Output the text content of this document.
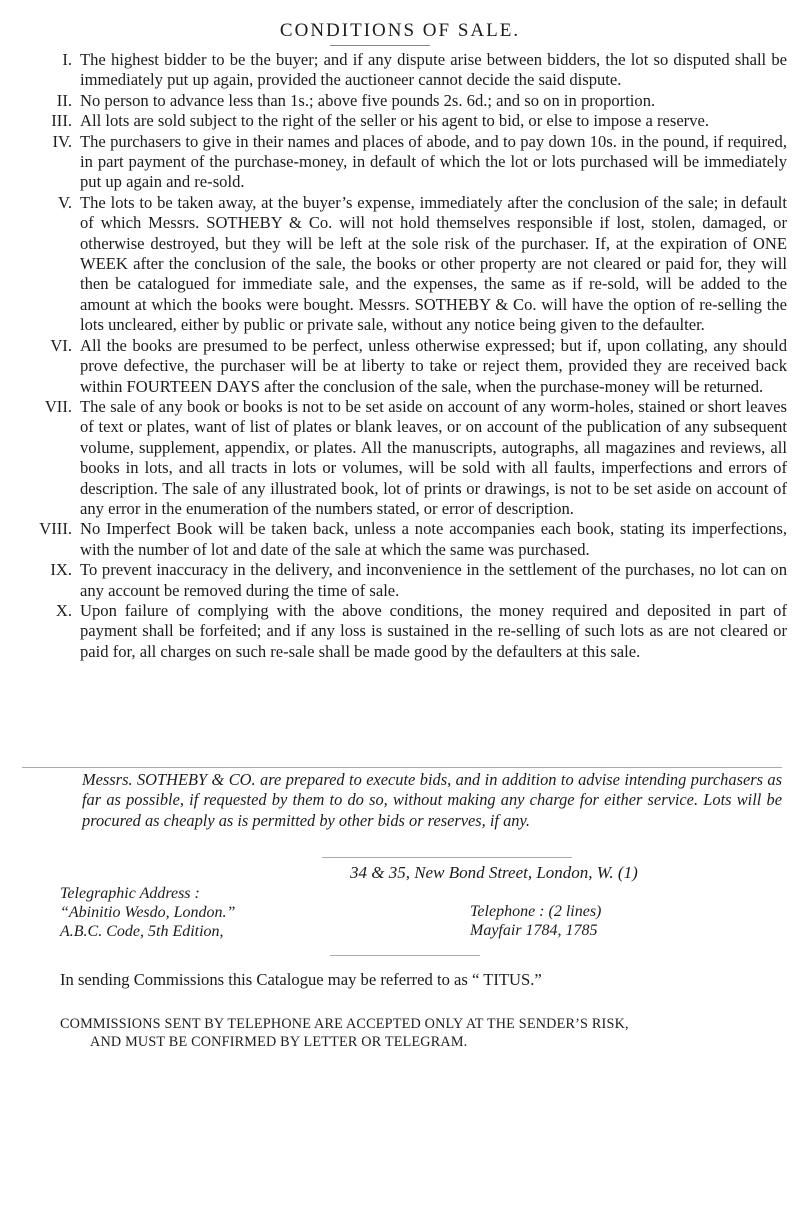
CONDITIONS OF SALE.
I. The highest bidder to be the buyer; and if any dispute arise between bidders, the lot so disputed shall be immediately put up again, provided the auctioneer cannot decide the said dispute.
II. No person to advance less than 1s.; above five pounds 2s. 6d.; and so on in proportion.
III. All lots are sold subject to the right of the seller or his agent to bid, or else to impose a reserve.
IV. The purchasers to give in their names and places of abode, and to pay down 10s. in the pound, if required, in part payment of the purchase-money, in default of which the lot or lots purchased will be immediately put up again and re-sold.
V. The lots to be taken away, at the buyer’s expense, immediately after the conclusion of the sale; in default of which Messrs. SOTHEBY & Co. will not hold themselves responsible if lost, stolen, damaged, or otherwise destroyed, but they will be left at the sole risk of the purchaser. If, at the expiration of ONE WEEK after the conclusion of the sale, the books or other property are not cleared or paid for, they will then be catalogued for immediate sale, and the expenses, the same as if re-sold, will be added to the amount at which the books were bought. Messrs. SOTHEBY & Co. will have the option of re-selling the lots uncleared, either by public or private sale, without any notice being given to the defaulter.
VI. All the books are presumed to be perfect, unless otherwise expressed; but if, upon collating, any should prove defective, the purchaser will be at liberty to take or reject them, provided they are received back within FOURTEEN DAYS after the conclusion of the sale, when the purchase-money will be returned.
VII. The sale of any book or books is not to be set aside on account of any worm-holes, stained or short leaves of text or plates, want of list of plates or blank leaves, or on account of the publication of any subsequent volume, supplement, appendix, or plates. All the manuscripts, autographs, all magazines and reviews, all books in lots, and all tracts in lots or volumes, will be sold with all faults, imperfections and errors of description. The sale of any illustrated book, lot of prints or drawings, is not to be set aside on account of any error in the enumeration of the numbers stated, or error of description.
VIII. No Imperfect Book will be taken back, unless a note accompanies each book, stating its imperfections, with the number of lot and date of the sale at which the same was purchased.
IX. To prevent inaccuracy in the delivery, and inconvenience in the settlement of the purchases, no lot can on any account be removed during the time of sale.
X. Upon failure of complying with the above conditions, the money required and deposited in part of payment shall be forfeited; and if any loss is sustained in the re-selling of such lots as are not cleared or paid for, all charges on such re-sale shall be made good by the defaulters at this sale.
Messrs. SOTHEBY & CO. are prepared to execute bids, and in addition to advise intending purchasers as far as possible, if requested by them to do so, without making any charge for either service. Lots will be procured as cheaply as is permitted by other bids or reserves, if any.
34 & 35, New Bond Street, London, W. (1)
Telegraphic Address :
“Abinitio Wesdo, London.”
A.B.C. Code, 5th Edition,
Telephone : (2 lines)
Mayfair 1784, 1785
In sending Commissions this Catalogue may be referred to as “ TITUS.”
COMMISSIONS SENT BY TELEPHONE ARE ACCEPTED ONLY AT THE SENDER’S RISK,
AND MUST BE CONFIRMED BY LETTER OR TELEGRAM.
